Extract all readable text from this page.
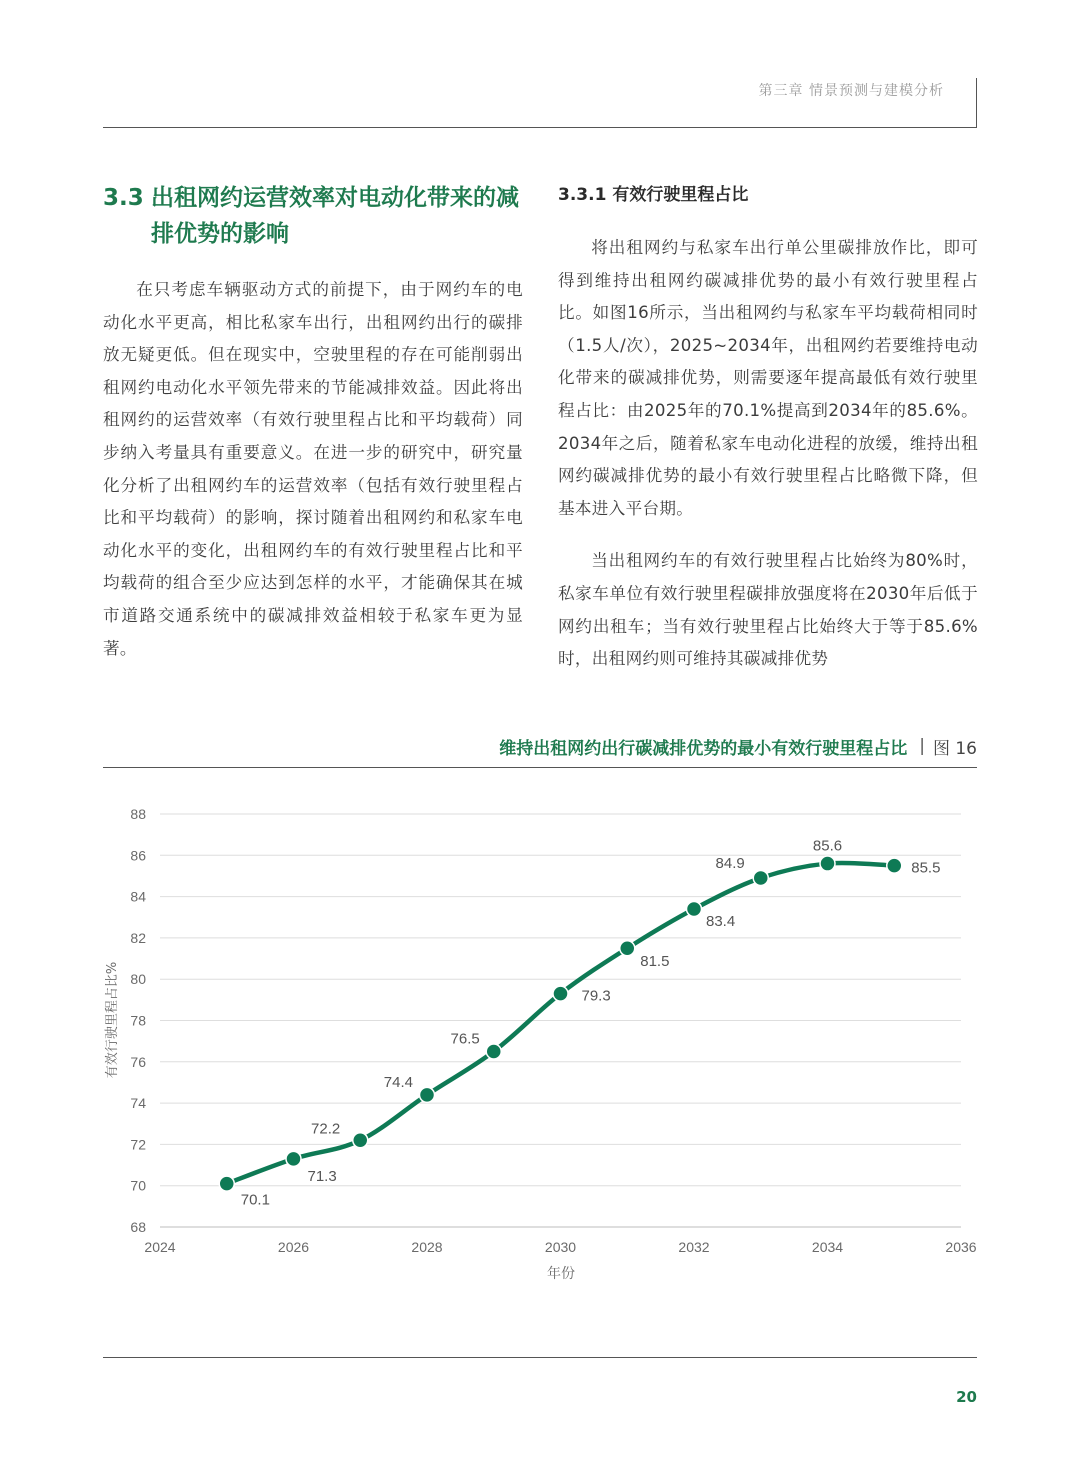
第三章 情景预测与建模分析
3.3 出租网约运营效率对电动化带来的减排优势的影响

在只考虑车辆驱动方式的前提下，由于网约车的电动化水平更高，相比私家车出行，出租网约出行的碳排放无疑更低。但在现实中，空驶里程的存在可能削弱出租网约电动化水平领先带来的节能减排效益。因此将出租网约的运营效率（有效行驶里程占比和平均载荷）同步纳入考量具有重要意义。在进一步的研究中，研究量化分析了出租网约车的运营效率（包括有效行驶里程占比和平均载荷）的影响，探讨随着出租网约和私家车电动化水平的变化，出租网约车的有效行驶里程占比和平均载荷的组合至少应达到怎样的水平，才能确保其在城市道路交通系统中的碳减排效益相较于私家车更为显著。

3.3.1 有效行驶里程占比

将出租网约与私家车出行单公里碳排放作比，即可得到维持出租网约碳减排优势的最小有效行驶里程占比。如图16所示，当出租网约与私家车平均载荷相同时（1.5人/次），2025~2034年，出租网约若要维持电动化带来的碳减排优势，则需要逐年提高最低有效行驶里程占比：由2025年的70.1%提高到2034年的85.6%。2034年之后，随着私家车电动化进程的放缓，维持出租网约碳减排优势的最小有效行驶里程占比略微下降，但基本进入平台期。

当出租网约车的有效行驶里程占比始终为80%时，私家车单位有效行驶里程碳排放强度将在2030年后低于网约出租车；当有效行驶里程占比始终大于等于85.6%时，出租网约则可维持其碳减排优势

维持出租网约出行碳减排优势的最小有效行驶里程占比 | 图 16
68
70
72
74
76
78
80
82
84
86
88
2024	2026	2028	2030	2032	2034	2036
年份
有效行驶里程占比%
70.1
71.3
72.2
74.4
76.5
79.3
81.5
83.4
84.9
85.6
85.5
20
